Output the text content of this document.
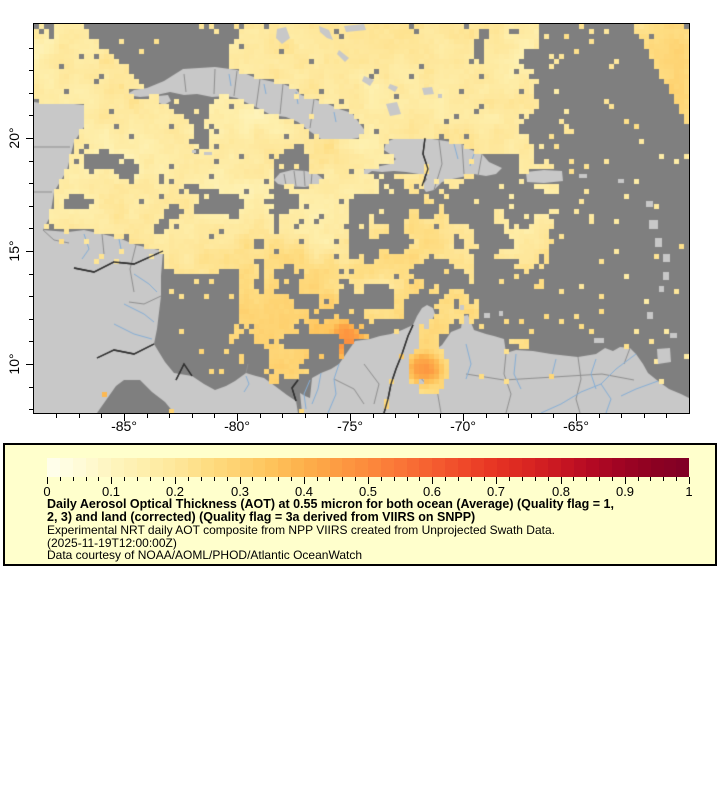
-85°	-80°	-75°	-70°	-65°
20°
15°
10°
0	0.1	0.2	0.3	0.4	0.5	0.6	0.7	0.8	0.9	1
Daily Aerosol Optical Thickness (AOT) at 0.55 micron for both ocean (Average) (Quality flag = 1,
2, 3) and land (corrected) (Quality flag = 3a derived from VIIRS on SNPP)
Experimental NRT daily AOT composite from NPP VIIRS created from Unprojected Swath Data.
(2025-11-19T12:00:00Z)
Data courtesy of NOAA/AOML/PHOD/Atlantic OceanWatch
